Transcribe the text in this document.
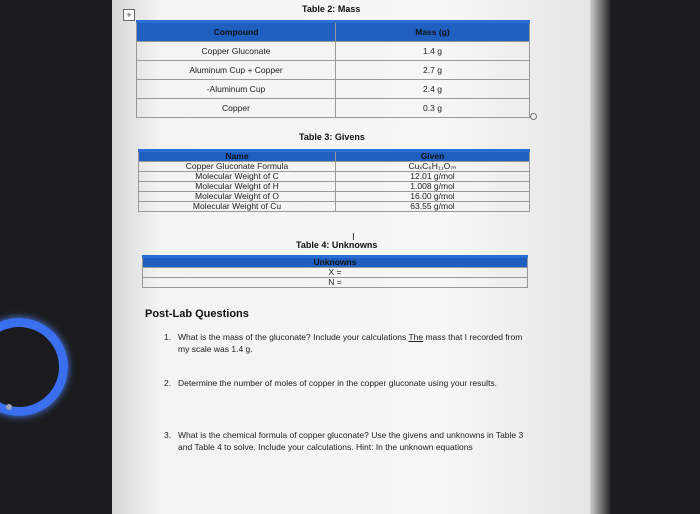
+
Table 2: Mass
Compound	Mass (g)
Copper Gluconate	1.4 g
Aluminum Cup + Copper	2.7 g
-Aluminum Cup	2.4 g
Copper	0.3 g
Table 3: Givens
Name	Given
Copper Gluconate Formula	CuₓC₆H₁₁O₇ₙ
Molecular Weight of C	12.01 g/mol
Molecular Weight of H	1.008 g/mol
Molecular Weight of O	16.00 g/mol
Molecular Weight of Cu	63.55 g/mol
I
Table 4: Unknowns
Unknowns
X =
N =
Post-Lab Questions
1. What is the mass of the gluconate? Include your calculations The mass that I recorded from my scale was 1.4 g.
2. Determine the number of moles of copper in the copper gluconate using your results.
3. What is the chemical formula of copper gluconate? Use the givens and unknowns in Table 3 and Table 4 to solve. Include your calculations. Hint: In the unknown equations
